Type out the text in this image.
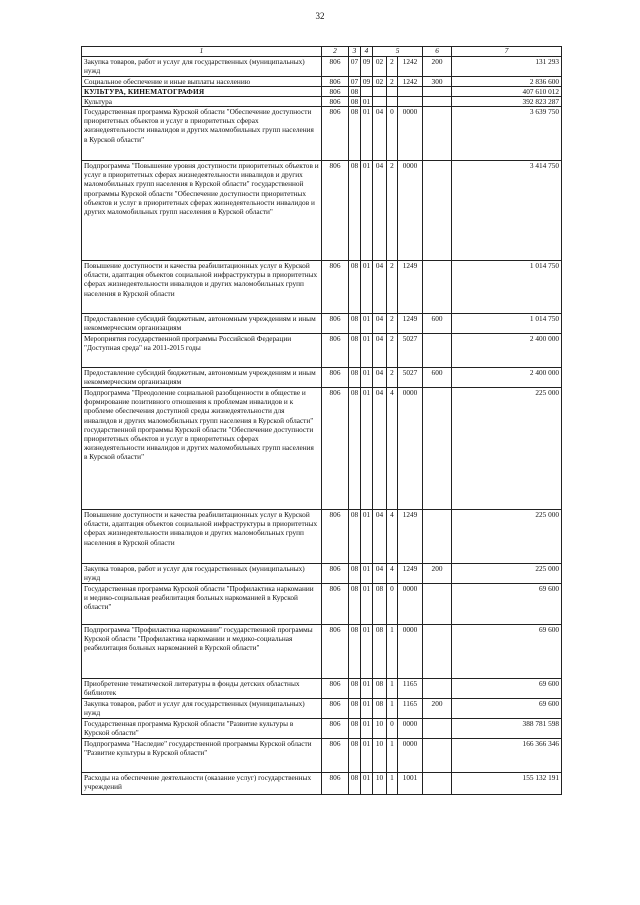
32
1	2	3	4	5			6	7
Закупка товаров, работ и услуг для государственных (муниципальных) нужд	806	07	09	02	2	1242	200	131 293
Социальное обеспечение и иные выплаты населению	806	07	09	02	2	1242	300	2 836 600
КУЛЬТУРА, КИНЕМАТОГРАФИЯ	806	08						407 610 012
Культура	806	08	01					392 823 287
Государственная программа Курской области "Обеспечение доступности приоритетных объектов и услуг в приоритетных сферах жизнедеятельности инвалидов и других маломобильных групп населения в Курской области"	806	08	01	04	0	0000		3 639 750
Подпрограмма "Повышение уровня доступности приоритетных объектов и услуг в приоритетных сферах жизнедеятельности инвалидов и других маломобильных групп населения в Курской области" государственной программы Курской области "Обеспечение доступности приоритетных объектов и услуг в приоритетных сферах жизнедеятельности инвалидов и других маломобильных групп населения в Курской области"	806	08	01	04	2	0000		3 414 750
Повышение доступности и качества реабилитационных услуг в Курской области, адаптация объектов социальной инфраструктуры в приоритетных сферах жизнедеятельности инвалидов и других маломобильных групп населения в Курской области	806	08	01	04	2	1249		1 014 750
Предоставление субсидий бюджетным, автономным учреждениям и иным некоммерческим организациям	806	08	01	04	2	1249	600	1 014 750
Мероприятия государственной программы Российской Федерации "Доступная среда" на 2011-2015 годы	806	08	01	04	2	5027		2 400 000
Предоставление субсидий бюджетным, автономным учреждениям и иным некоммерческим организациям	806	08	01	04	2	5027	600	2 400 000
Подпрограмма "Преодоление социальной разобщенности в обществе и формирование позитивного отношения к проблемам инвалидов и к проблеме обеспечения доступной среды жизнедеятельности для инвалидов и других маломобильных групп населения в Курской области" государственной программы Курской области "Обеспечение доступности приоритетных объектов и услуг в приоритетных сферах жизнедеятельности инвалидов и других маломобильных групп населения в Курской области"	806	08	01	04	4	0000		225 000
Повышение доступности и качества реабилитационных услуг в Курской области, адаптация объектов социальной инфраструктуры в приоритетных сферах жизнедеятельности инвалидов и других маломобильных групп населения в Курской области	806	08	01	04	4	1249		225 000
Закупка товаров, работ и услуг для государственных (муниципальных) нужд	806	08	01	04	4	1249	200	225 000
Государственная программа Курской области "Профилактика наркомании и медико-социальная реабилитация больных наркоманией в Курской области"	806	08	01	08	0	0000		69 600
Подпрограмма "Профилактика наркомании" государственной программы Курской области "Профилактика наркомании и медико-социальная реабилитация больных наркоманией в Курской области"	806	08	01	08	1	0000		69 600
Приобретение тематической литературы в фонды детских областных библиотек	806	08	01	08	1	1165		69 600
Закупка товаров, работ и услуг для государственных (муниципальных) нужд	806	08	01	08	1	1165	200	69 600
Государственная программа Курской области "Развитие культуры в Курской области"	806	08	01	10	0	0000		388 781 598
Подпрограмма "Наследие" государственной программы Курской области "Развитие культуры в Курской области"	806	08	01	10	1	0000		166 366 346
Расходы на обеспечение деятельности (оказание услуг) государственных учреждений	806	08	01	10	1	1001		155 132 191
